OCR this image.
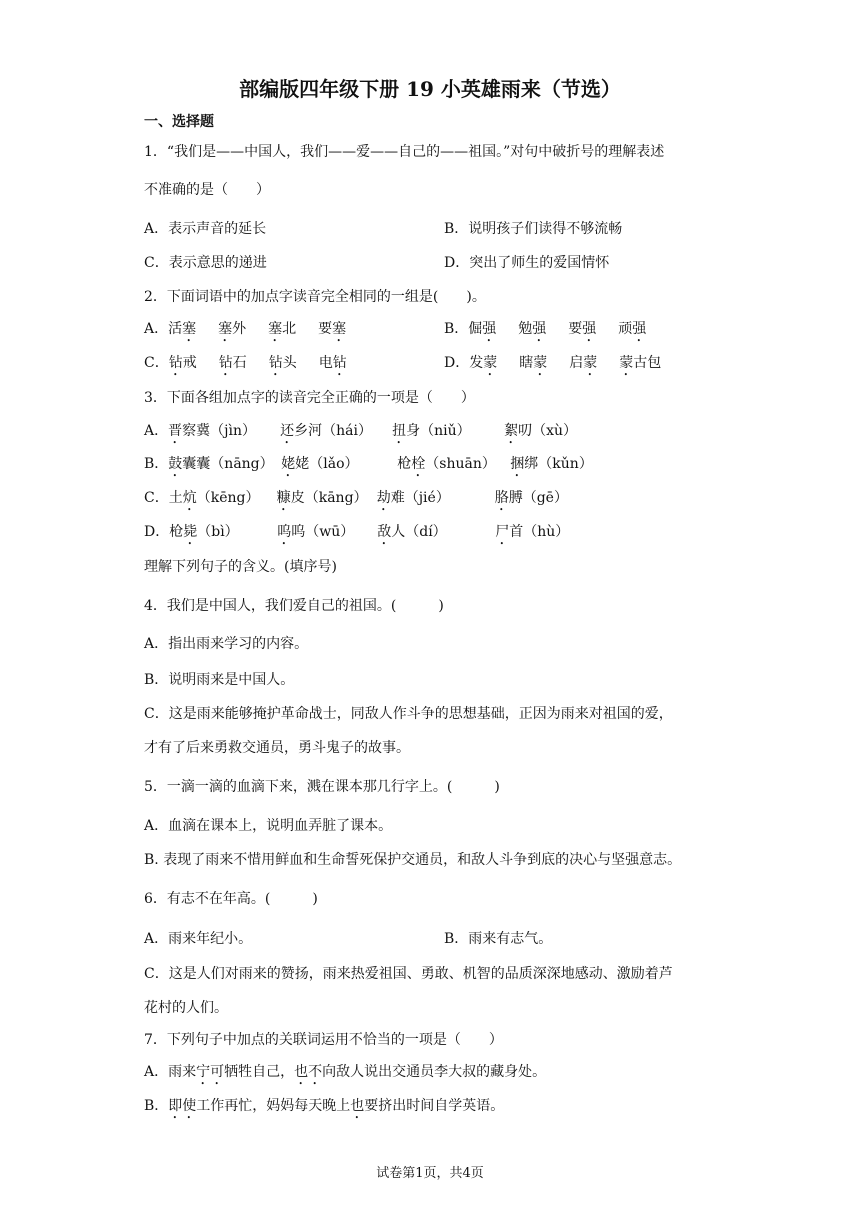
部编版四年级下册 19 小英雄雨来（节选）
一、选择题
1．“我们是——中国人，我们——爱——自己的——祖国。”对句中破折号的理解表述
不准确的是（　　）
A．表示声音的延长	B．说明孩子们读得不够流畅
C．表示意思的递进	D．突出了师生的爱国情怀
2．下面词语中的加点字读音完全相同的一组是(　　)。
A．活塞 塞外 塞北 要塞	B．倔强 勉强 要强 顽强
C．钻戒 钻石 钻头 电钻	D．发蒙 瞎蒙 启蒙 蒙古包
3．下面各组加点字的读音完全正确的一项是（　　）
A．晋察冀（jìn） 还乡河（hái） 扭身（niǔ） 絮叨（xù）
B．鼓囊囊（nāng） 姥姥（lǎo）	枪栓（shuān） 捆绑（kǔn）
C．土炕（kēng） 糠皮（kāng） 劫难（jié）	胳膊（gē）
D．枪毙（bì）	呜呜（wū） 敌人（dí）	尸首（hù）
理解下列句子的含义。(填序号)
4．我们是中国人，我们爱自己的祖国。(　　　)
A．指出雨来学习的内容。
B．说明雨来是中国人。
C．这是雨来能够掩护革命战士，同敌人作斗争的思想基础，正因为雨来对祖国的爱，
才有了后来勇救交通员，勇斗鬼子的故事。
5．一滴一滴的血滴下来，溅在课本那几行字上。(　　　)
A．血滴在课本上，说明血弄脏了课本。
B. 表现了雨来不惜用鲜血和生命誓死保护交通员，和敌人斗争到底的决心与坚强意志。
6．有志不在年高。(　　　)
A．雨来年纪小。	B．雨来有志气。
C．这是人们对雨来的赞扬，雨来热爱祖国、勇敢、机智的品质深深地感动、激励着芦
花村的人们。
7．下列句子中加点的关联词运用不恰当的一项是（　　）
A．雨来宁可牺牲自己，也不向敌人说出交通员李大叔的藏身处。
B．即使工作再忙，妈妈每天晚上也要挤出时间自学英语。
试卷第1页，共4页
